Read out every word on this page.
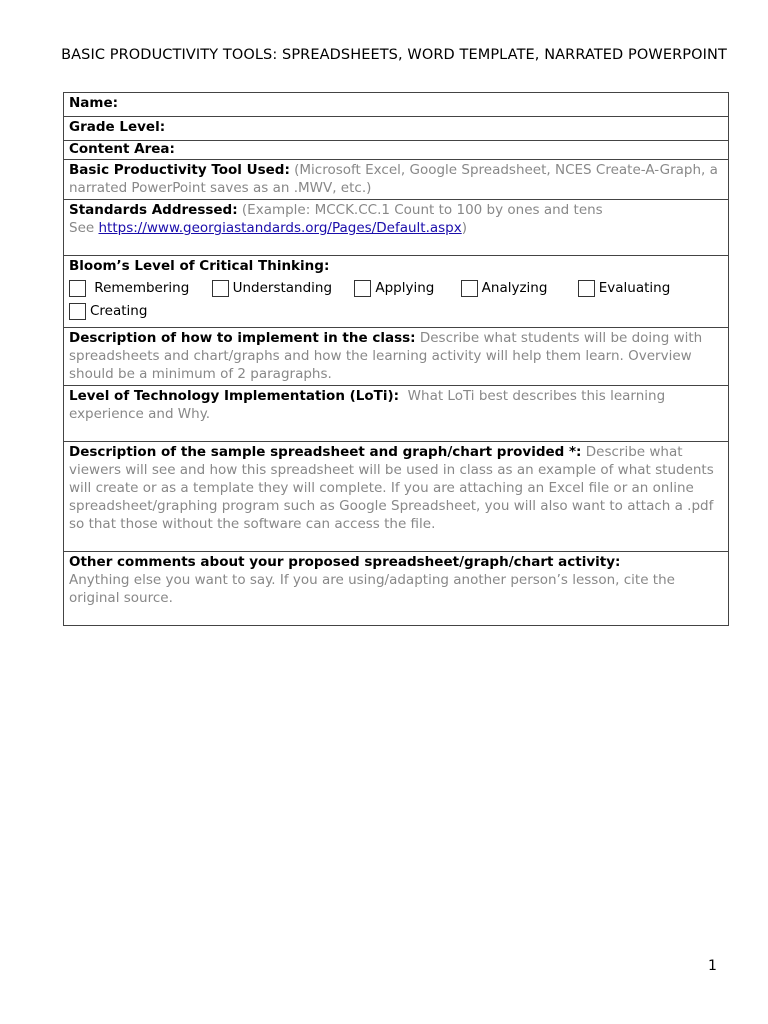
BASIC PRODUCTIVITY TOOLS: SPREADSHEETS, WORD TEMPLATE, NARRATED POWERPOINT
Name:
Grade Level:
Content Area:
Basic Productivity Tool Used: (Microsoft Excel, Google Spreadsheet, NCES Create-A-Graph, a narrated PowerPoint saves as an .MWV, etc.)
Standards Addressed: (Example: MCCK.CC.1 Count to 100 by ones and tens
See https://www.georgiastandards.org/Pages/Default.aspx)
Bloom’s Level of Critical Thinking:

Remembering
	Understanding
	Applying
	Analyzing
	Evaluating

Creating

Description of how to implement in the class: Describe what students will be doing with spreadsheets and chart/graphs and how the learning activity will help them learn. Overview should be a minimum of 2 paragraphs.
Level of Technology Implementation (LoTi): What LoTi best describes this learning experience and Why.
Description of the sample spreadsheet and graph/chart provided *: Describe what viewers will see and how this spreadsheet will be used in class as an example of what students will create or as a template they will complete. If you are attaching an Excel file or an online spreadsheet/graphing program such as Google Spreadsheet, you will also want to attach a .pdf so that those without the software can access the file.
Other comments about your proposed spreadsheet/graph/chart activity:
Anything else you want to say. If you are using/adapting another person’s lesson, cite the original source.
1
